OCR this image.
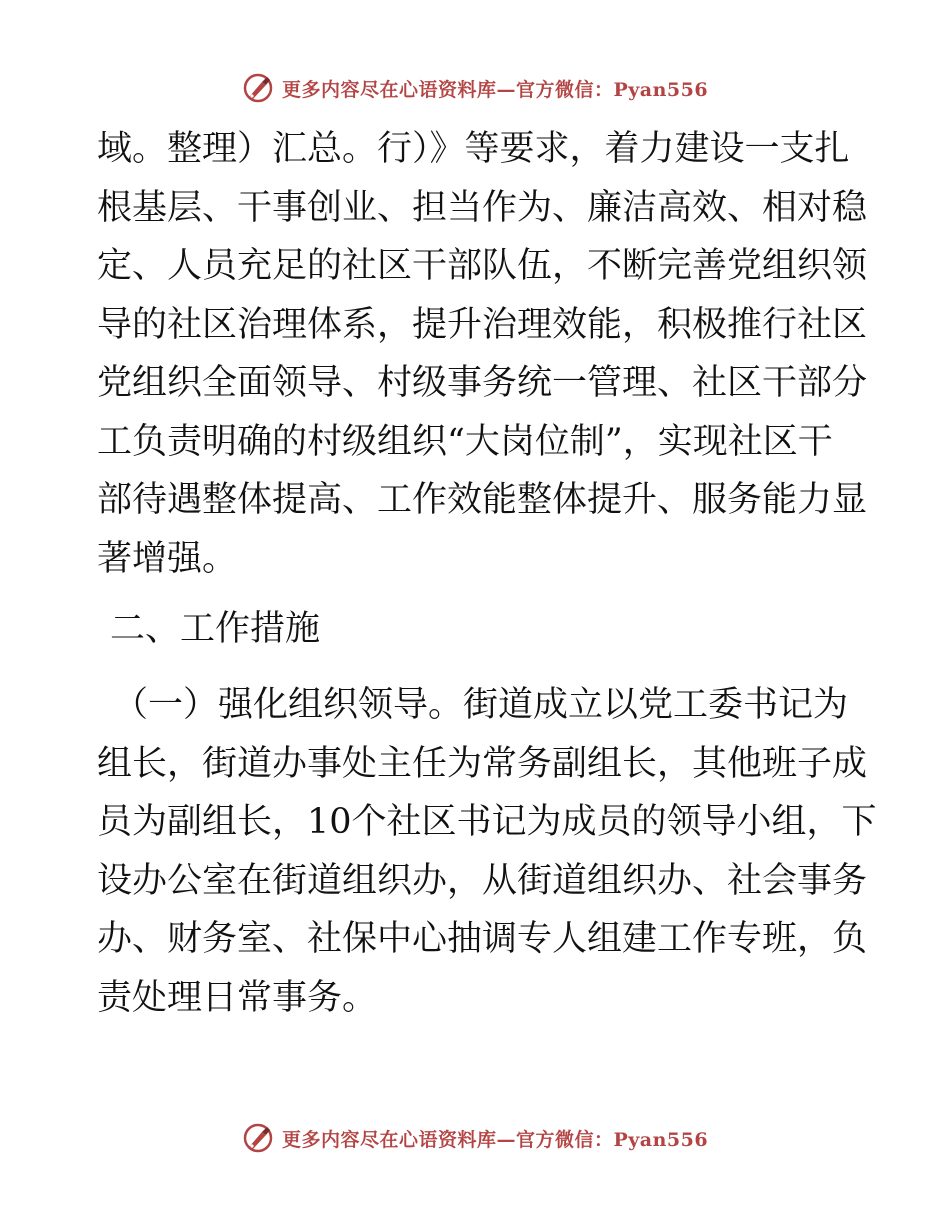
更多内容尽在心语资料库—官方微信：Pyan556
域。整理）汇总。行）》等要求，着力建设一支扎
根基层、干事创业、担当作为、廉洁高效、相对稳
定、人员充足的社区干部队伍，不断完善党组织领
导的社区治理体系，提升治理效能，积极推行社区
党组织全面领导、村级事务统一管理、社区干部分
工负责明确的村级组织“大岗位制”，实现社区干
部待遇整体提高、工作效能整体提升、服务能力显
著增强。
二、工作措施
（一）强化组织领导。街道成立以党工委书记为
组长，街道办事处主任为常务副组长，其他班子成
员为副组长，10个社区书记为成员的领导小组，下
设办公室在街道组织办，从街道组织办、社会事务
办、财务室、社保中心抽调专人组建工作专班，负
责处理日常事务。
更多内容尽在心语资料库—官方微信：Pyan556
